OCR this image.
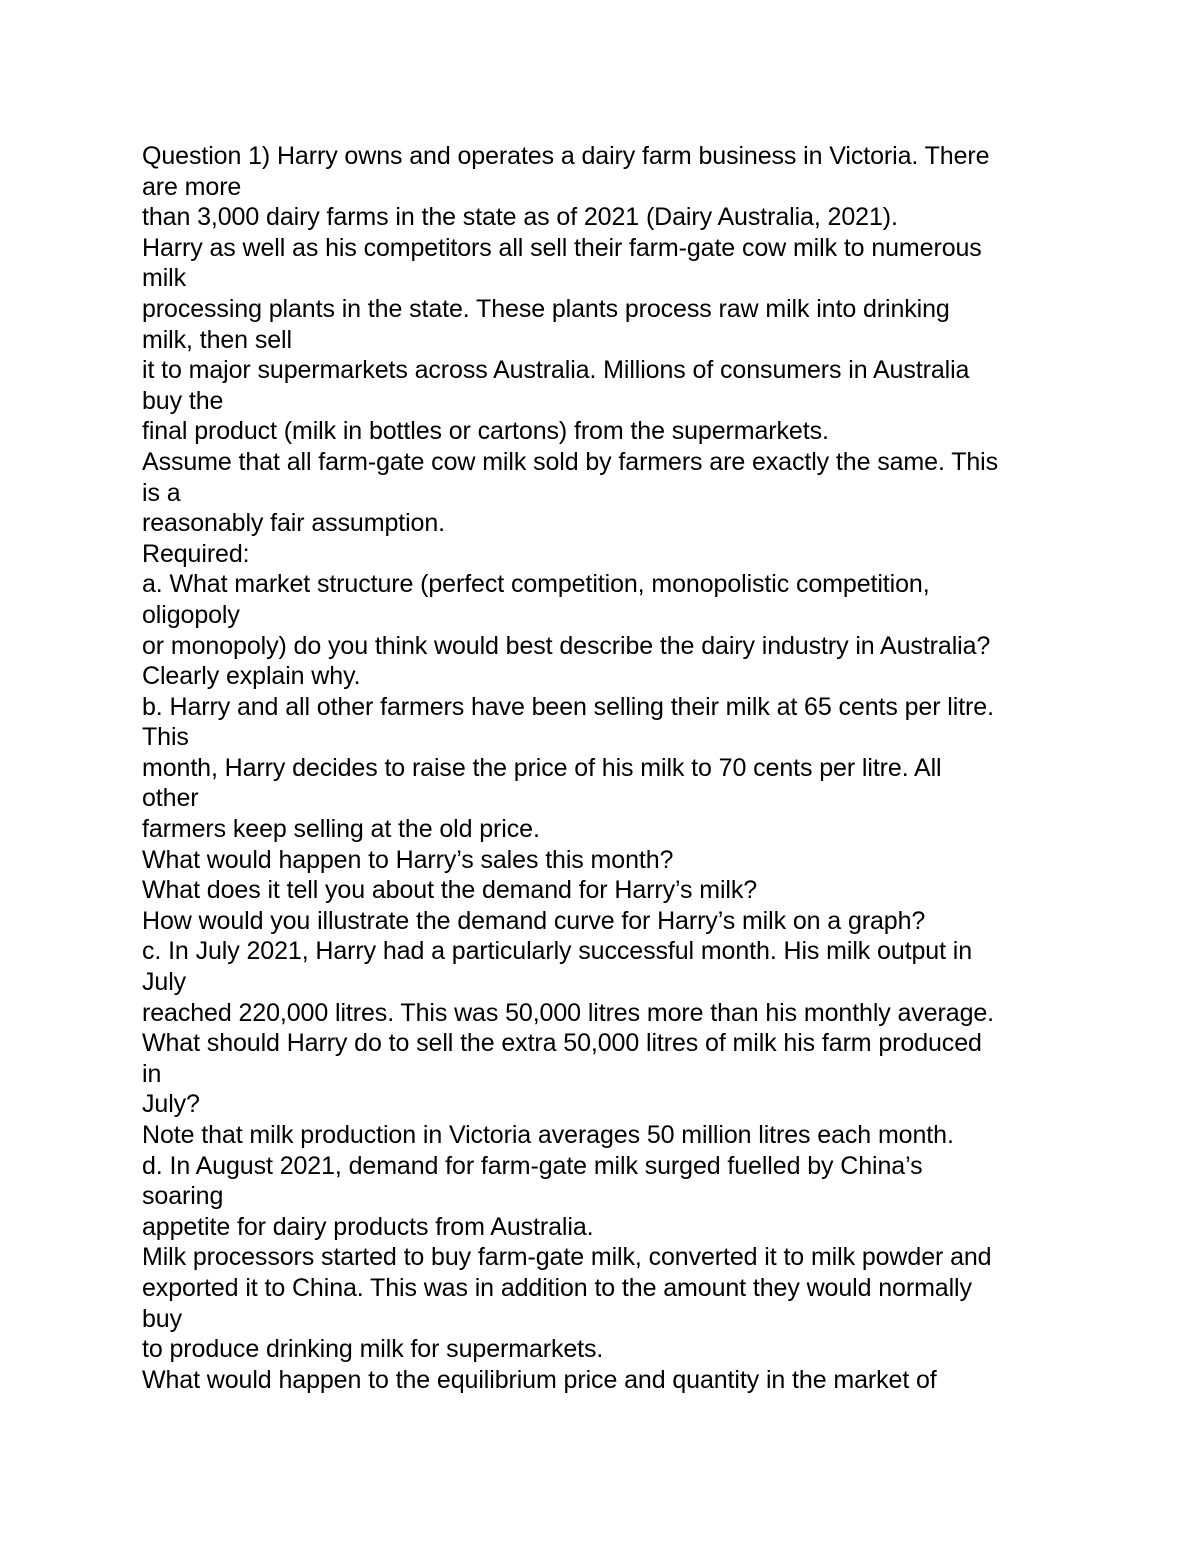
Question 1) Harry owns and operates a dairy farm business in Victoria. There
are more
than 3,000 dairy farms in the state as of 2021 (Dairy Australia, 2021).
Harry as well as his competitors all sell their farm-gate cow milk to numerous
milk
processing plants in the state. These plants process raw milk into drinking
milk, then sell
it to major supermarkets across Australia. Millions of consumers in Australia
buy the
final product (milk in bottles or cartons) from the supermarkets.
Assume that all farm-gate cow milk sold by farmers are exactly the same. This
is a
reasonably fair assumption.
Required:
a. What market structure (perfect competition, monopolistic competition,
oligopoly
or monopoly) do you think would best describe the dairy industry in Australia?
Clearly explain why.
b. Harry and all other farmers have been selling their milk at 65 cents per litre.
This
month, Harry decides to raise the price of his milk to 70 cents per litre. All
other
farmers keep selling at the old price.
What would happen to Harry’s sales this month?
What does it tell you about the demand for Harry’s milk?
How would you illustrate the demand curve for Harry’s milk on a graph?
c. In July 2021, Harry had a particularly successful month. His milk output in
July
reached 220,000 litres. This was 50,000 litres more than his monthly average.
What should Harry do to sell the extra 50,000 litres of milk his farm produced
in
July?
Note that milk production in Victoria averages 50 million litres each month.
d. In August 2021, demand for farm-gate milk surged fuelled by China’s
soaring
appetite for dairy products from Australia.
Milk processors started to buy farm-gate milk, converted it to milk powder and
exported it to China. This was in addition to the amount they would normally
buy
to produce drinking milk for supermarkets.
What would happen to the equilibrium price and quantity in the market of
